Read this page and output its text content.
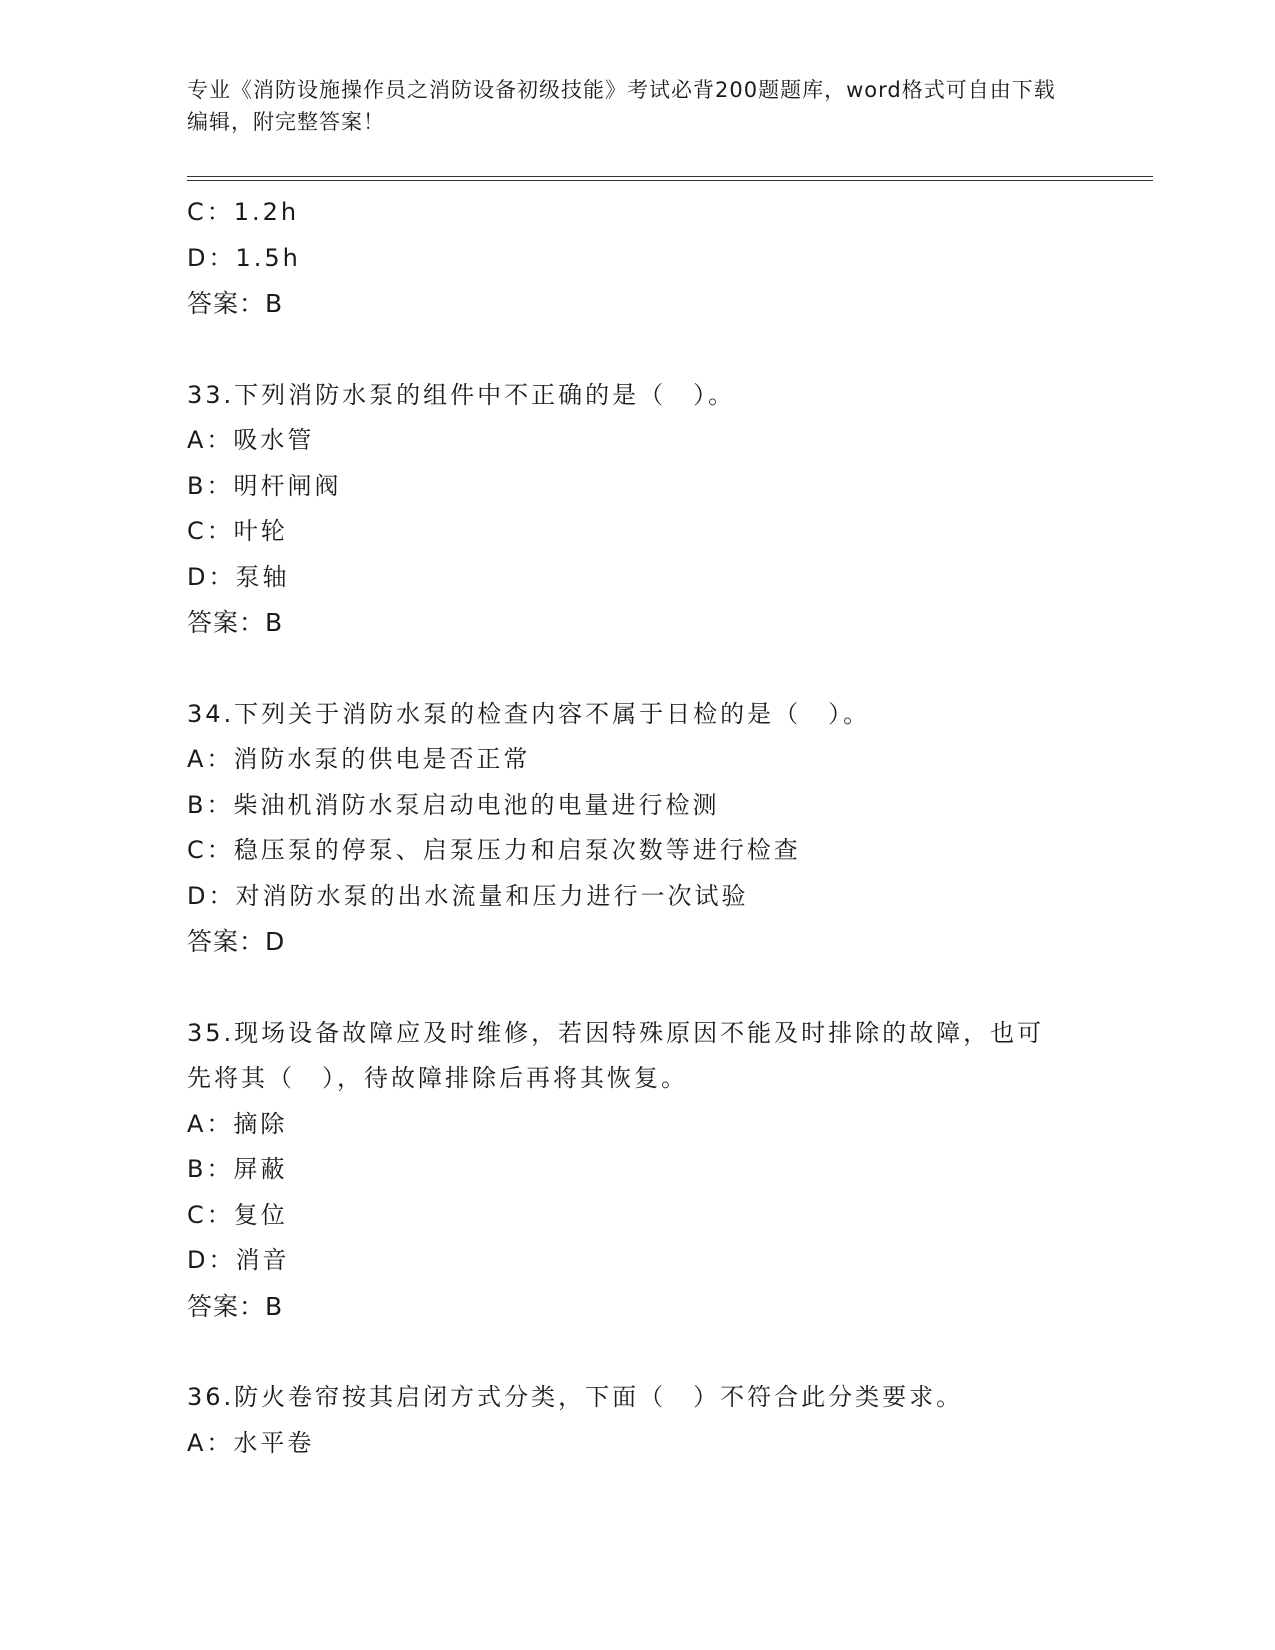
专业《消防设施操作员之消防设备初级技能》考试必背200题题库，word格式可自由下载编辑，附完整答案！
C：1.2h
D：1.5h
答案：B
33.下列消防水泵的组件中不正确的是（　）。
A：吸水管
B：明杆闸阀
C：叶轮
D：泵轴
答案：B
34.下列关于消防水泵的检查内容不属于日检的是（　）。
A：消防水泵的供电是否正常
B：柴油机消防水泵启动电池的电量进行检测
C：稳压泵的停泵、启泵压力和启泵次数等进行检查
D：对消防水泵的出水流量和压力进行一次试验
答案：D
35.现场设备故障应及时维修，若因特殊原因不能及时排除的故障，也可先将其（　），待故障排除后再将其恢复。
A：摘除
B：屏蔽
C：复位
D：消音
答案：B
36.防火卷帘按其启闭方式分类，下面（　）不符合此分类要求。
A：水平卷
